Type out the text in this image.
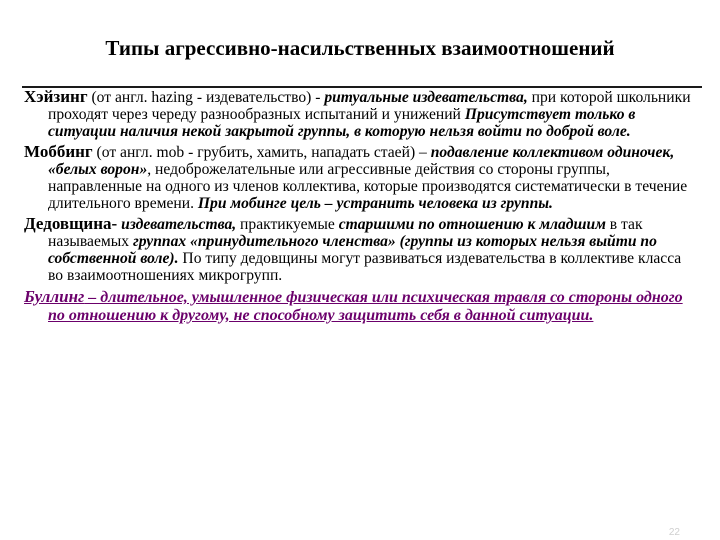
Типы агрессивно-насильственных взаимоотношений

Хэйзинг (от англ. hazing - издевательство) - ритуальные издевательства, при которой школьники проходят через череду разнообразных испытаний и унижений Присутствует только в ситуации наличия некой закрытой группы, в которую нельзя войти по доброй воле.

Моббинг (от англ. mob - грубить, хамить, нападать стаей) – подавление коллективом одиночек, «белых ворон», недоброжелательные или агрессивные действия со стороны группы, направленные на одного из членов коллектива, которые производятся систематически в течение длительного времени. При мобинге цель – устранить человека из группы.

Дедовщина- издевательства, практикуемые старшими по отношению к младшим в так называемых группах «принудительного членства» (группы из которых нельзя выйти по собственной воле). По типу дедовщины могут развиваться издевательства в коллективе класса во взаимоотношениях микрогрупп.

Буллинг – длительное, умышленное физическая или психическая травля со стороны одного по отношению к другому, не способному защитить себя в данной ситуации.

22
